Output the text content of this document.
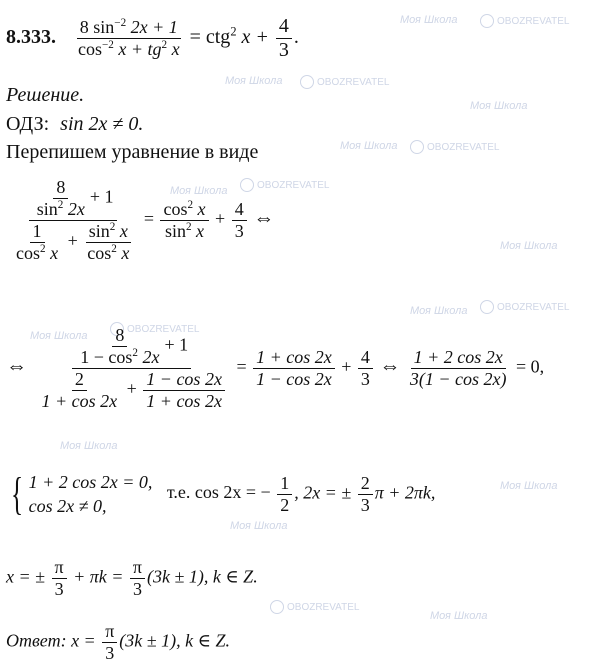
Моя Школа	OBOZREVATEL
Моя Школа	OBOZREVATEL
Моя Школа
Моя Школа	OBOZREVATEL
Моя Школа	OBOZREVATEL
Моя Школа
Моя Школа
OBOZREVATEL
Моя Школа	OBOZREVATEL
Моя Школа
Моя Школа
Моя Школа
OBOZREVATEL
Моя Школа
8.333. $\frac{8 \sin^{-2} 2x + 1}{\cos^{-2} x + tg^2 x} = ctg^2$ $x + \frac{4}{3}$ .
Решение.
ОДЗ: sin 2x ≠ 0.
Перепишем уравнение в виде
$\frac{8}{\sin^2 2x} + 1$
$\frac{1}{\cos^2 x} + \frac{\sin^2 x}{\cos^2 x}$
= $\frac{\cos^2 x}{\sin^2 x} + \frac{4}{3}$ ⇔
⇔	$\frac{8}{1 - \cos^2 2x} + 1$
$\frac{2}{1 + \cos 2x} + \frac{1 - \cos 2x}{1 + \cos 2x}$
= $\frac{1 + \cos 2x}{1 - \cos 2x} + \frac{4}{3}$ ⇔ $\frac{1 + 2 \cos 2x}{3(1 - \cos 2x)} = 0$,
{ 1 + 2 cos 2x = 0,
cos 2x ≠ 0,
т.е. cos 2x = − $\frac{1}{2}$ , 2x = ± $\frac{2}{3}$ π + 2πk,
x = ± $\frac{\pi}{3} + \pi k = \frac{\pi}{3} (3k \pm 1)$, k ∈ Z.
Ответ: $x = \frac{\pi}{3} (3k \pm 1)$, k ∈ Z.
